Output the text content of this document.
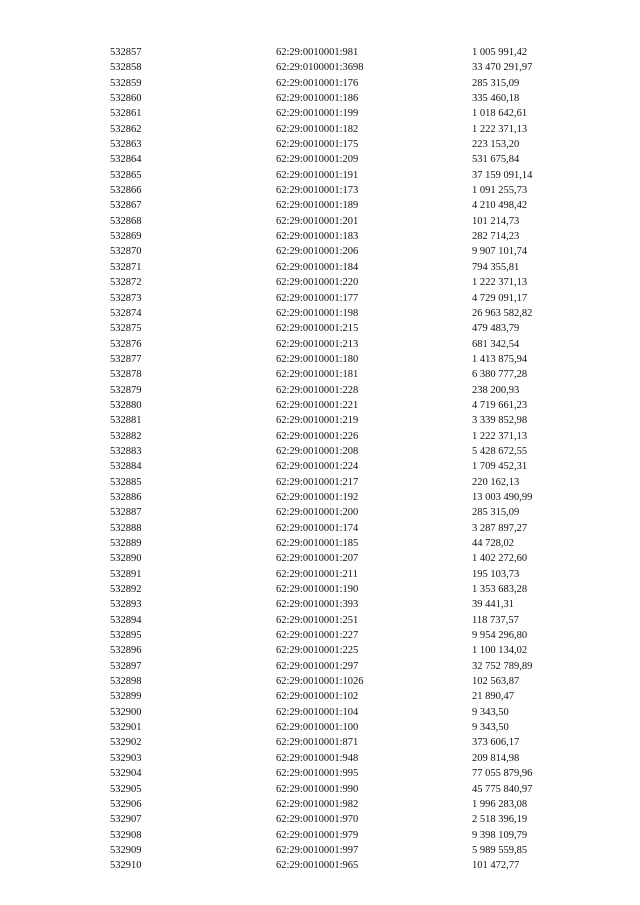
532857	62:29:0010001:981	1 005 991,42
532858	62:29:0100001:3698	33 470 291,97
532859	62:29:0010001:176	285 315,09
532860	62:29:0010001:186	335 460,18
532861	62:29:0010001:199	1 018 642,61
532862	62:29:0010001:182	1 222 371,13
532863	62:29:0010001:175	223 153,20
532864	62:29:0010001:209	531 675,84
532865	62:29:0010001:191	37 159 091,14
532866	62:29:0010001:173	1 091 255,73
532867	62:29:0010001:189	4 210 498,42
532868	62:29:0010001:201	101 214,73
532869	62:29:0010001:183	282 714,23
532870	62:29:0010001:206	9 907 101,74
532871	62:29:0010001:184	794 355,81
532872	62:29:0010001:220	1 222 371,13
532873	62:29:0010001:177	4 729 091,17
532874	62:29:0010001:198	26 963 582,82
532875	62:29:0010001:215	479 483,79
532876	62:29:0010001:213	681 342,54
532877	62:29:0010001:180	1 413 875,94
532878	62:29:0010001:181	6 380 777,28
532879	62:29:0010001:228	238 200,93
532880	62:29:0010001:221	4 719 661,23
532881	62:29:0010001:219	3 339 852,98
532882	62:29:0010001:226	1 222 371,13
532883	62:29:0010001:208	5 428 672,55
532884	62:29:0010001:224	1 709 452,31
532885	62:29:0010001:217	220 162,13
532886	62:29:0010001:192	13 003 490,99
532887	62:29:0010001:200	285 315,09
532888	62:29:0010001:174	3 287 897,27
532889	62:29:0010001:185	44 728,02
532890	62:29:0010001:207	1 402 272,60
532891	62:29:0010001:211	195 103,73
532892	62:29:0010001:190	1 353 683,28
532893	62:29:0010001:393	39 441,31
532894	62:29:0010001:251	118 737,57
532895	62:29:0010001:227	9 954 296,80
532896	62:29:0010001:225	1 100 134,02
532897	62:29:0010001:297	32 752 789,89
532898	62:29:0010001:1026	102 563,87
532899	62:29:0010001:102	21 890,47
532900	62:29:0010001:104	9 343,50
532901	62:29:0010001:100	9 343,50
532902	62:29:0010001:871	373 606,17
532903	62:29:0010001:948	209 814,98
532904	62:29:0010001:995	77 055 879,96
532905	62:29:0010001:990	45 775 840,97
532906	62:29:0010001:982	1 996 283,08
532907	62:29:0010001:970	2 518 396,19
532908	62:29:0010001:979	9 398 109,79
532909	62:29:0010001:997	5 989 559,85
532910	62:29:0010001:965	101 472,77
